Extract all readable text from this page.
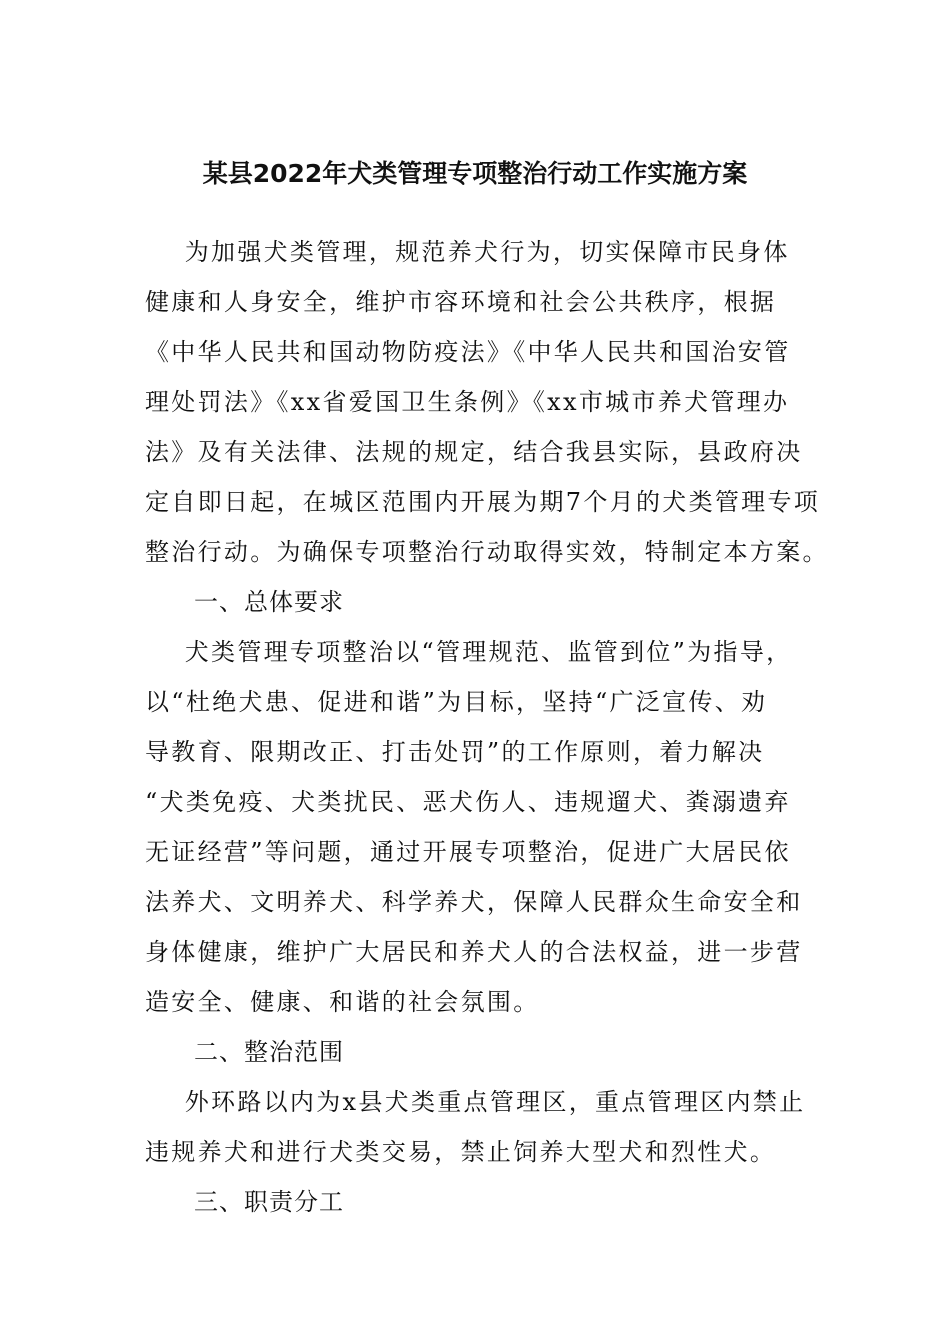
某县2022年犬类管理专项整治行动工作实施方案
为加强犬类管理，规范养犬行为，切实保障市民身体
健康和人身安全，维护市容环境和社会公共秩序，根据
《中华人民共和国动物防疫法》《中华人民共和国治安管
理处罚法》《xx省爱国卫生条例》《xx市城市养犬管理办
法》及有关法律、法规的规定，结合我县实际，县政府决
定自即日起，在城区范围内开展为期7个月的犬类管理专项
整治行动。为确保专项整治行动取得实效，特制定本方案。
一、总体要求
犬类管理专项整治以“管理规范、监管到位”为指导，
以“杜绝犬患、促进和谐”为目标，坚持“广泛宣传、劝
导教育、限期改正、打击处罚”的工作原则，着力解决
“犬类免疫、犬类扰民、恶犬伤人、违规遛犬、粪溺遗弃
无证经营”等问题，通过开展专项整治，促进广大居民依
法养犬、文明养犬、科学养犬，保障人民群众生命安全和
身体健康，维护广大居民和养犬人的合法权益，进一步营
造安全、健康、和谐的社会氛围。
二、整治范围
外环路以内为x县犬类重点管理区，重点管理区内禁止
违规养犬和进行犬类交易，禁止饲养大型犬和烈性犬。
三、职责分工
